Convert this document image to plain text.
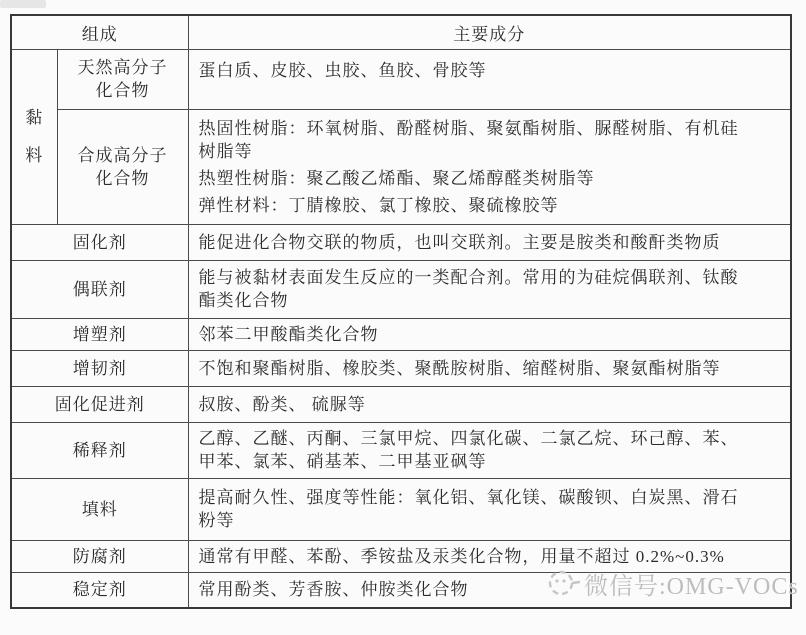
组成		主要成分
黏料	天然高分子化合物	蛋白质、皮胶、虫胶、鱼胶、骨胶等

	合成高分子化合物	热固性树脂：环氧树脂、酚醛树脂、聚氨酯树脂、脲醛树脂、有机硅树脂等
热塑性树脂：聚乙酸乙烯酯、聚乙烯醇醛类树脂等
弹性材料：丁腈橡胶、氯丁橡胶、聚硫橡胶等

固化剂		能促进化合物交联的物质，也叫交联剂。主要是胺类和酸酐类物质

偶联剂		能与被黏材表面发生反应的一类配合剂。常用的为硅烷偶联剂、钛酸酯类化合物

增塑剂		邻苯二甲酸酯类化合物

增韧剂		不饱和聚酯树脂、橡胶类、聚酰胺树脂、缩醛树脂、聚氨酯树脂等

固化促进剂		叔胺、酚类、 硫脲等

稀释剂		乙醇、乙醚、丙酮、三氯甲烷、四氯化碳、二氯乙烷、环己醇、苯、甲苯、氯苯、硝基苯、二甲基亚砜等

填料		提高耐久性、强度等性能：氧化铝、氧化镁、碳酸钡、白炭黑、滑石粉等

防腐剂		通常有甲醛、苯酚、季铵盐及汞类化合物，用量不超过 0.2%~0.3%

稳定剂		常用酚类、芳香胺、仲胺类化合物	微信号:OMG-VOCs
